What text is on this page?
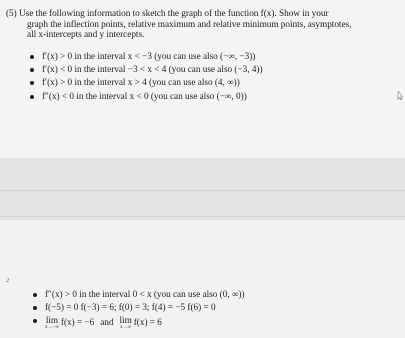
(5) Use the following information to sketch the graph of the function f(x). Show in your
graph the inflection points, relative maximum and relative minimum points, asymptotes,
all x-intercepts and y intercepts.
f′(x) > 0 in the interval x < −3 (you can use also (−∞, −3))
f′(x) < 0 in the interval −3 < x < 4 (you can use also (−3, 4))
f′(x) > 0 in the interval x > 4 (you can use also (4, ∞))
f″(x) < 0 in the interval x < 0 (you can use also (−∞, 0))
2
f″(x) > 0 in the interval 0 < x (you can use also (0, ∞))
f(−5) = 0 f(−3) = 6; f(0) = 3; f(4) = −5 f(6) = 0
lim
x→−∞
f(x) = −6 and lim
x→∞
f(x) = 6
